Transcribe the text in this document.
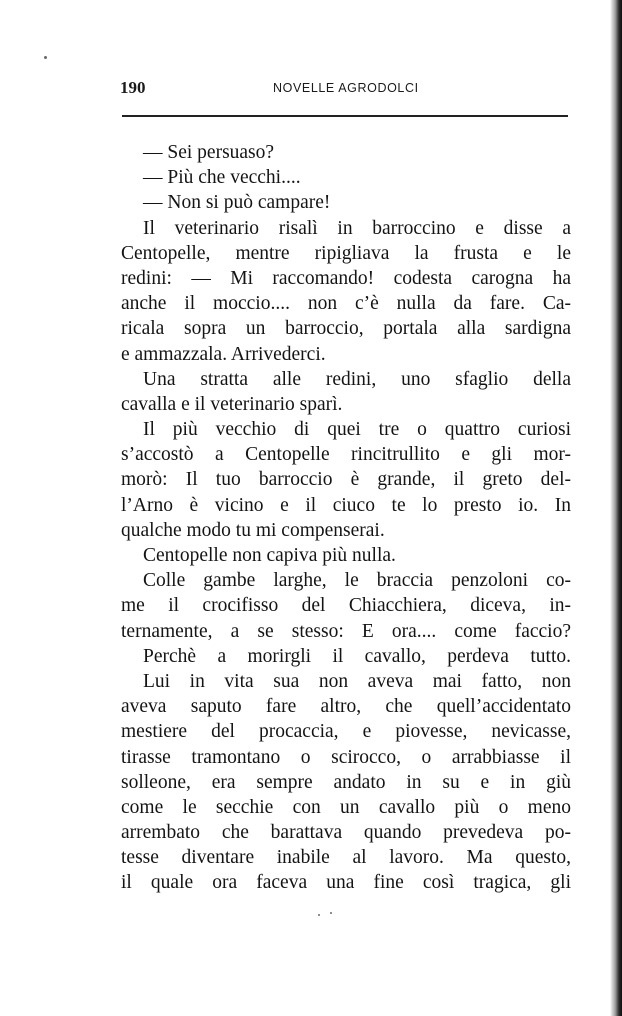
190	NOVELLE AGRODOLCI
— Sei persuaso?
— Più che vecchi....
— Non si può campare!
Il veterinario risalì in barroccino e disse a
Centopelle, mentre ripigliava la frusta e le
redini: — Mi raccomando! codesta carogna ha
anche il moccio.... non c’è nulla da fare. Ca-
ricala sopra un barroccio, portala alla sardigna
e ammazzala. Arrivederci.
Una stratta alle redini, uno sfaglio della
cavalla e il veterinario sparì.
Il più vecchio di quei tre o quattro curiosi
s’accostò a Centopelle rincitrullito e gli mor-
morò: Il tuo barroccio è grande, il greto del-
l’Arno è vicino e il ciuco te lo presto io. In
qualche modo tu mi compenserai.
Centopelle non capiva più nulla.
Colle gambe larghe, le braccia penzoloni co-
me il crocifisso del Chiacchiera, diceva, in-
ternamente, a se stesso: E ora.... come faccio?
Perchè a morirgli il cavallo, perdeva tutto.
Lui in vita sua non aveva mai fatto, non
aveva saputo fare altro, che quell’accidentato
mestiere del procaccia, e piovesse, nevicasse,
tirasse tramontano o scirocco, o arrabbiasse il
solleone, era sempre andato in su e in giù
come le secchie con un cavallo più o meno
arrembato che barattava quando prevedeva po-
tesse diventare inabile al lavoro. Ma questo,
il quale ora faceva una fine così tragica, gli
